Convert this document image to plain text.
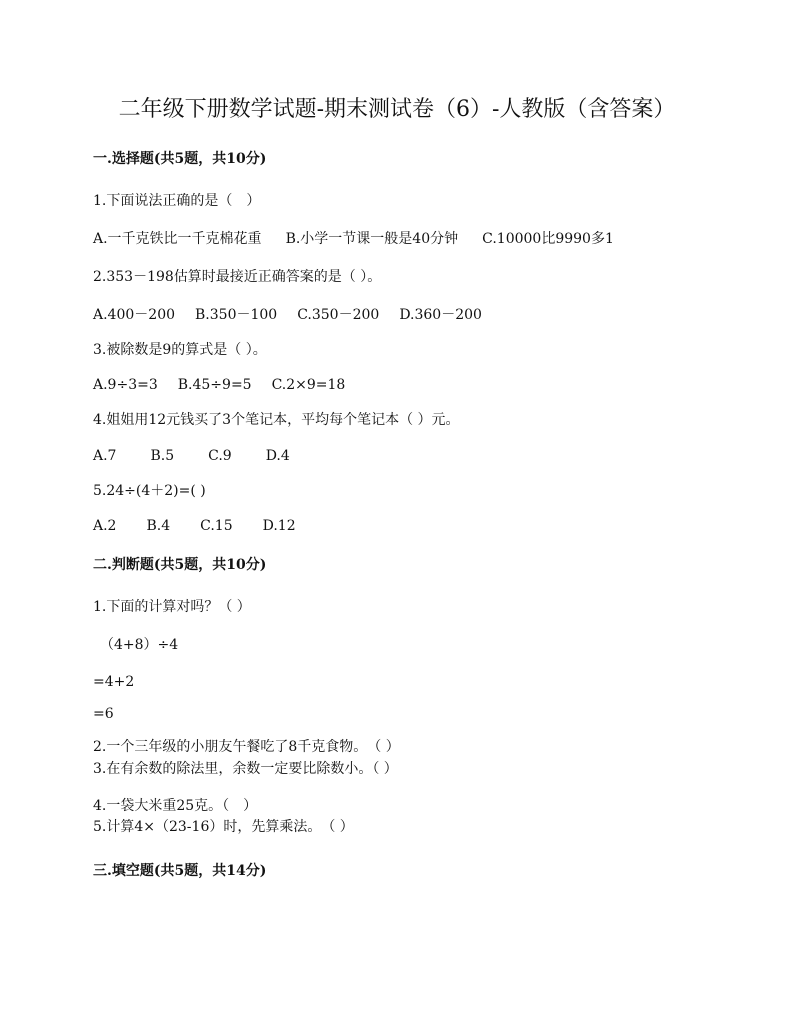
二年级下册数学试题-期末测试卷（6）-人教版（含答案）
一.选择题(共5题，共10分)
1.下面说法正确的是（　）
A.一千克铁比一千克棉花重 B.小学一节课一般是40分钟 C.10000比9990多1
2.353－198估算时最接近正确答案的是（ ）。
A.400－200 B.350－100 C.350－200 D.360－200
3.被除数是9的算式是（ ）。
A.9÷3=3 B.45÷9=5 C.2×9=18
4.姐姐用12元钱买了3个笔记本，平均每个笔记本（ ）元。
A.7 B.5 C.9 D.4
5.24÷(4＋2)=( )
A.2 B.4 C.15 D.12
二.判断题(共5题，共10分)
1.下面的计算对吗？（ ）
（4+8）÷4
=4+2
=6
2.一个三年级的小朋友午餐吃了8千克食物。　（ ）
3.在有余数的除法里，余数一定要比除数小。（ ）
4.一袋大米重25克。（　）
5.计算4×（23-16）时，先算乘法。　（ ）
三.填空题(共5题，共14分)
